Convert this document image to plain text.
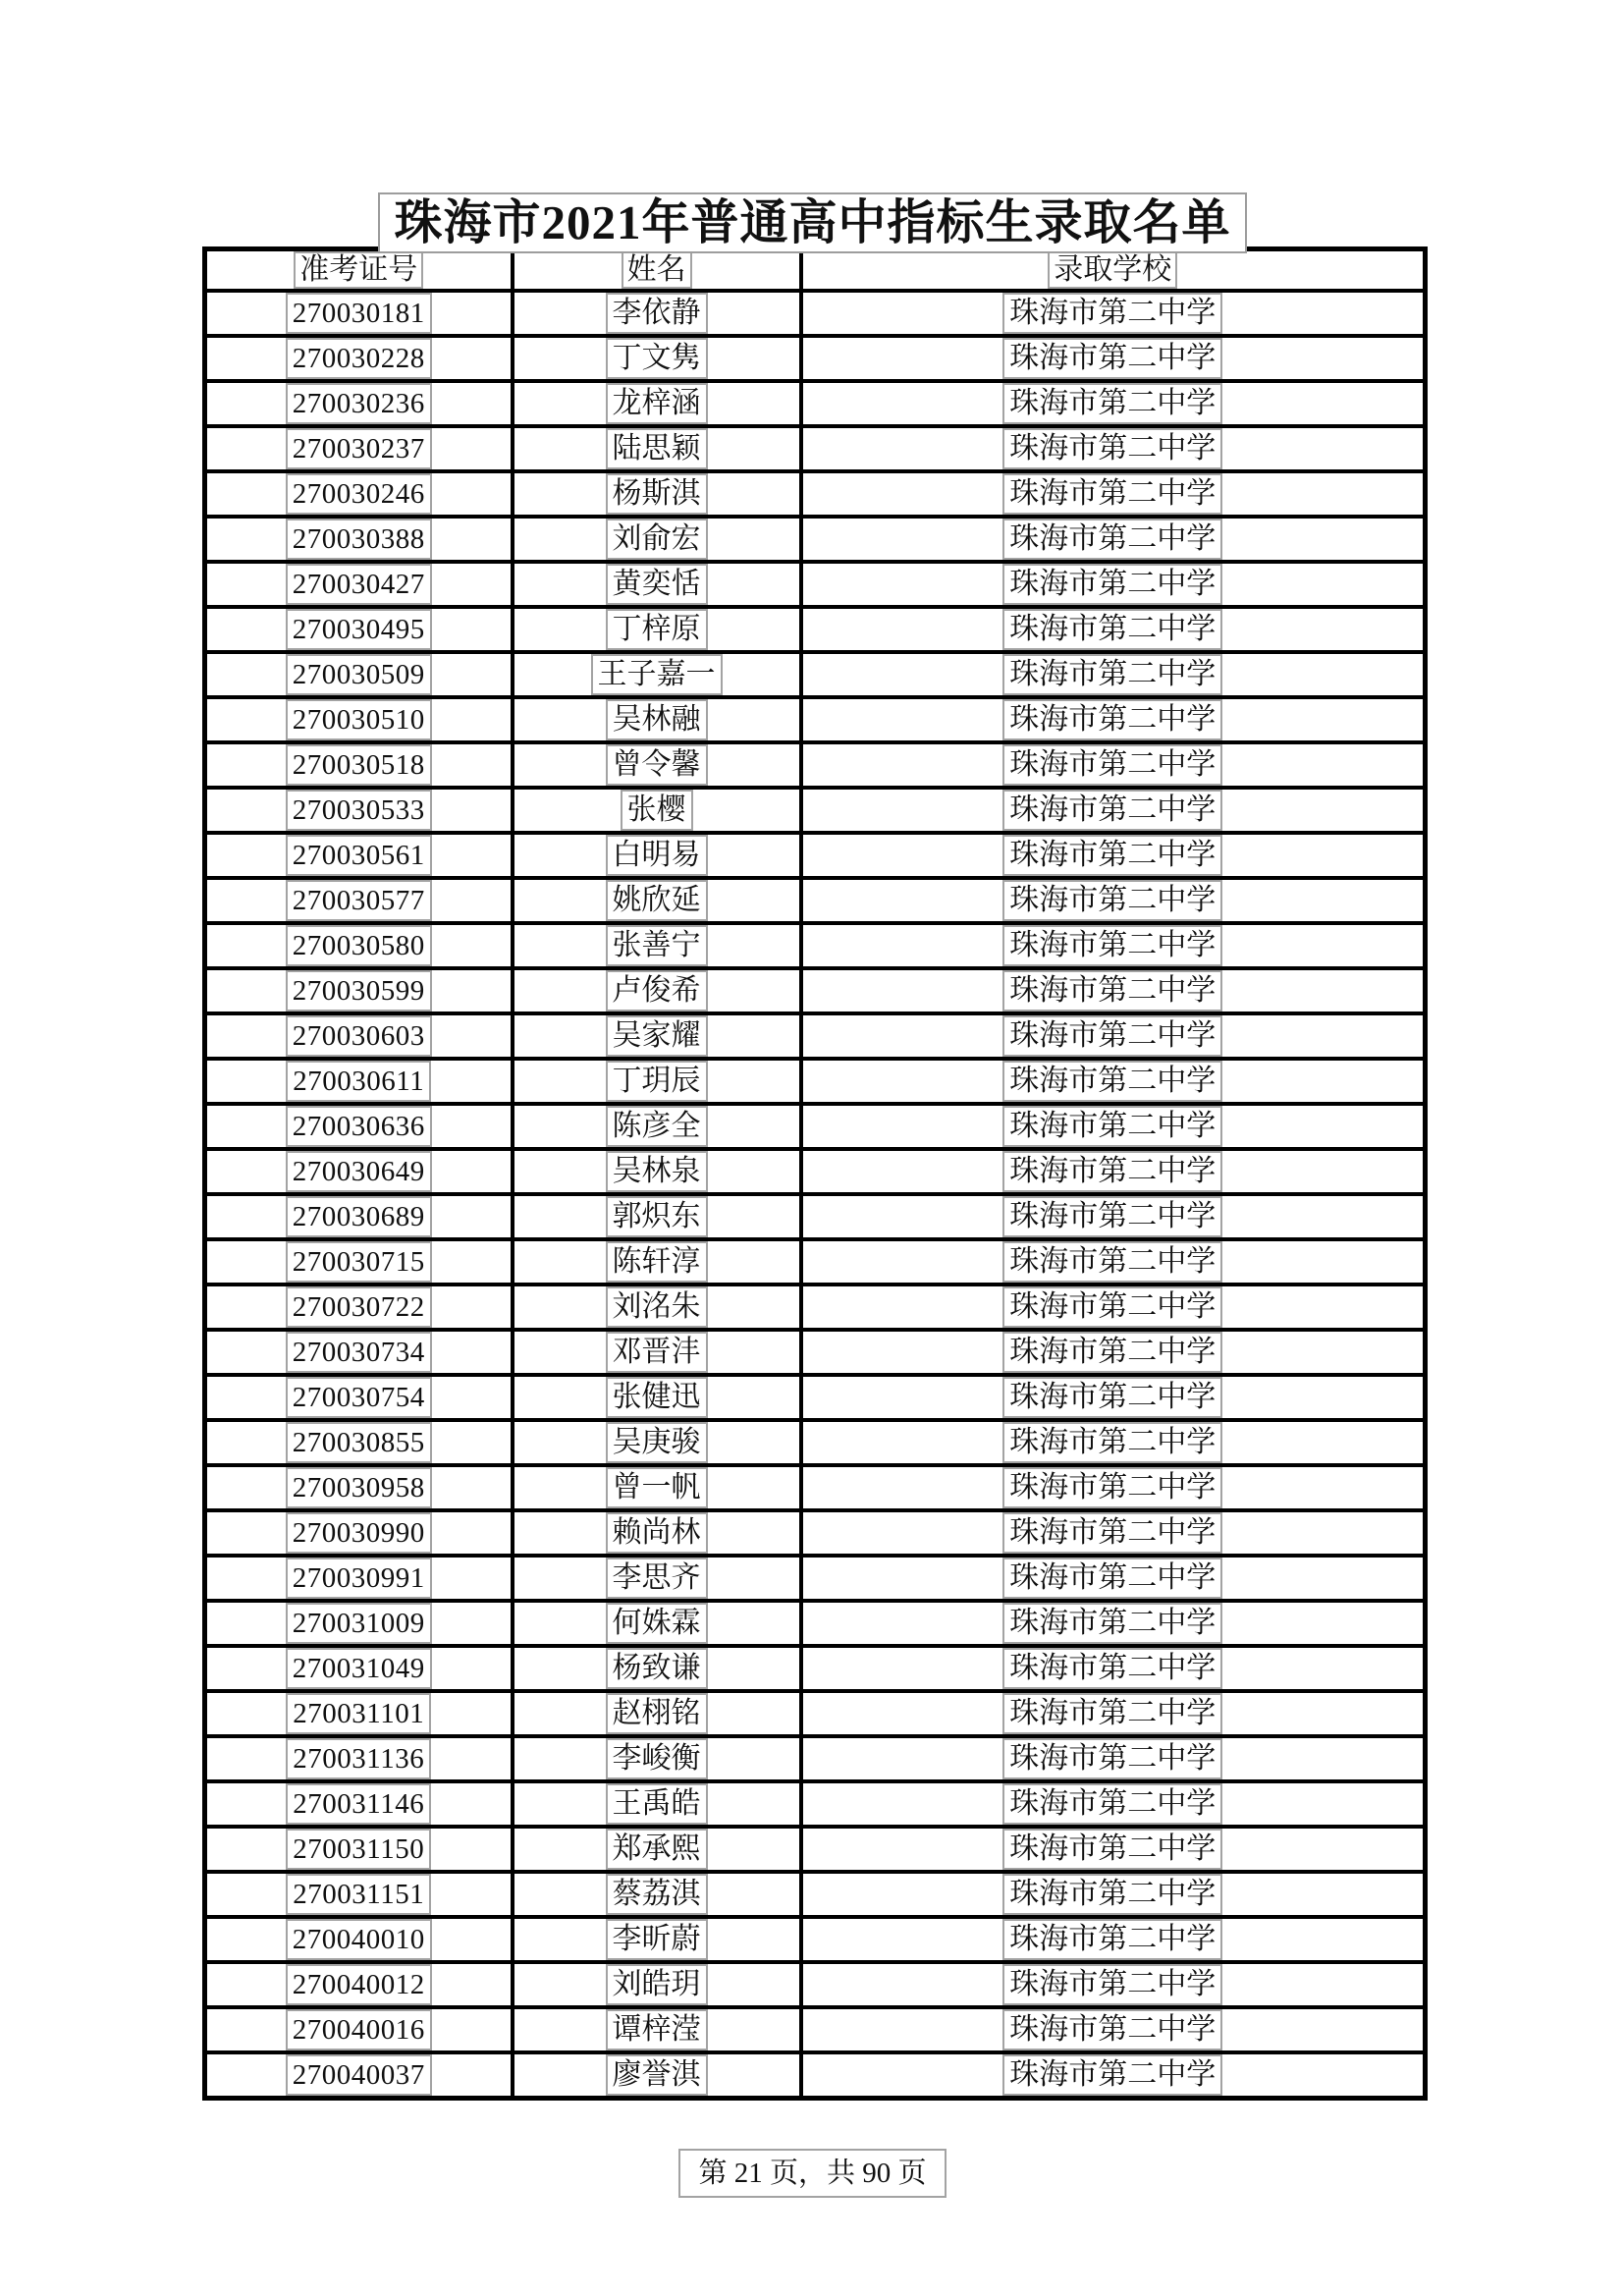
珠海市2021年普通高中指标生录取名单
准考证号	姓名	录取学校
270030181	李依静	珠海市第二中学
270030228	丁文隽	珠海市第二中学
270030236	龙梓涵	珠海市第二中学
270030237	陆思颖	珠海市第二中学
270030246	杨斯淇	珠海市第二中学
270030388	刘俞宏	珠海市第二中学
270030427	黄奕恬	珠海市第二中学
270030495	丁梓原	珠海市第二中学
270030509	王子嘉一	珠海市第二中学
270030510	吴林融	珠海市第二中学
270030518	曾令馨	珠海市第二中学
270030533	张樱	珠海市第二中学
270030561	白明易	珠海市第二中学
270030577	姚欣延	珠海市第二中学
270030580	张善宁	珠海市第二中学
270030599	卢俊希	珠海市第二中学
270030603	吴家耀	珠海市第二中学
270030611	丁玥辰	珠海市第二中学
270030636	陈彦全	珠海市第二中学
270030649	吴林泉	珠海市第二中学
270030689	郭炽东	珠海市第二中学
270030715	陈轩淳	珠海市第二中学
270030722	刘洺朱	珠海市第二中学
270030734	邓晋沣	珠海市第二中学
270030754	张健迅	珠海市第二中学
270030855	吴庚骏	珠海市第二中学
270030958	曾一帆	珠海市第二中学
270030990	赖尚林	珠海市第二中学
270030991	李思齐	珠海市第二中学
270031009	何姝霖	珠海市第二中学
270031049	杨致谦	珠海市第二中学
270031101	赵栩铭	珠海市第二中学
270031136	李峻衡	珠海市第二中学
270031146	王禹皓	珠海市第二中学
270031150	郑承熙	珠海市第二中学
270031151	蔡荔淇	珠海市第二中学
270040010	李昕蔚	珠海市第二中学
270040012	刘皓玥	珠海市第二中学
270040016	谭梓滢	珠海市第二中学
270040037	廖誉淇	珠海市第二中学
第 21 页，共 90 页
